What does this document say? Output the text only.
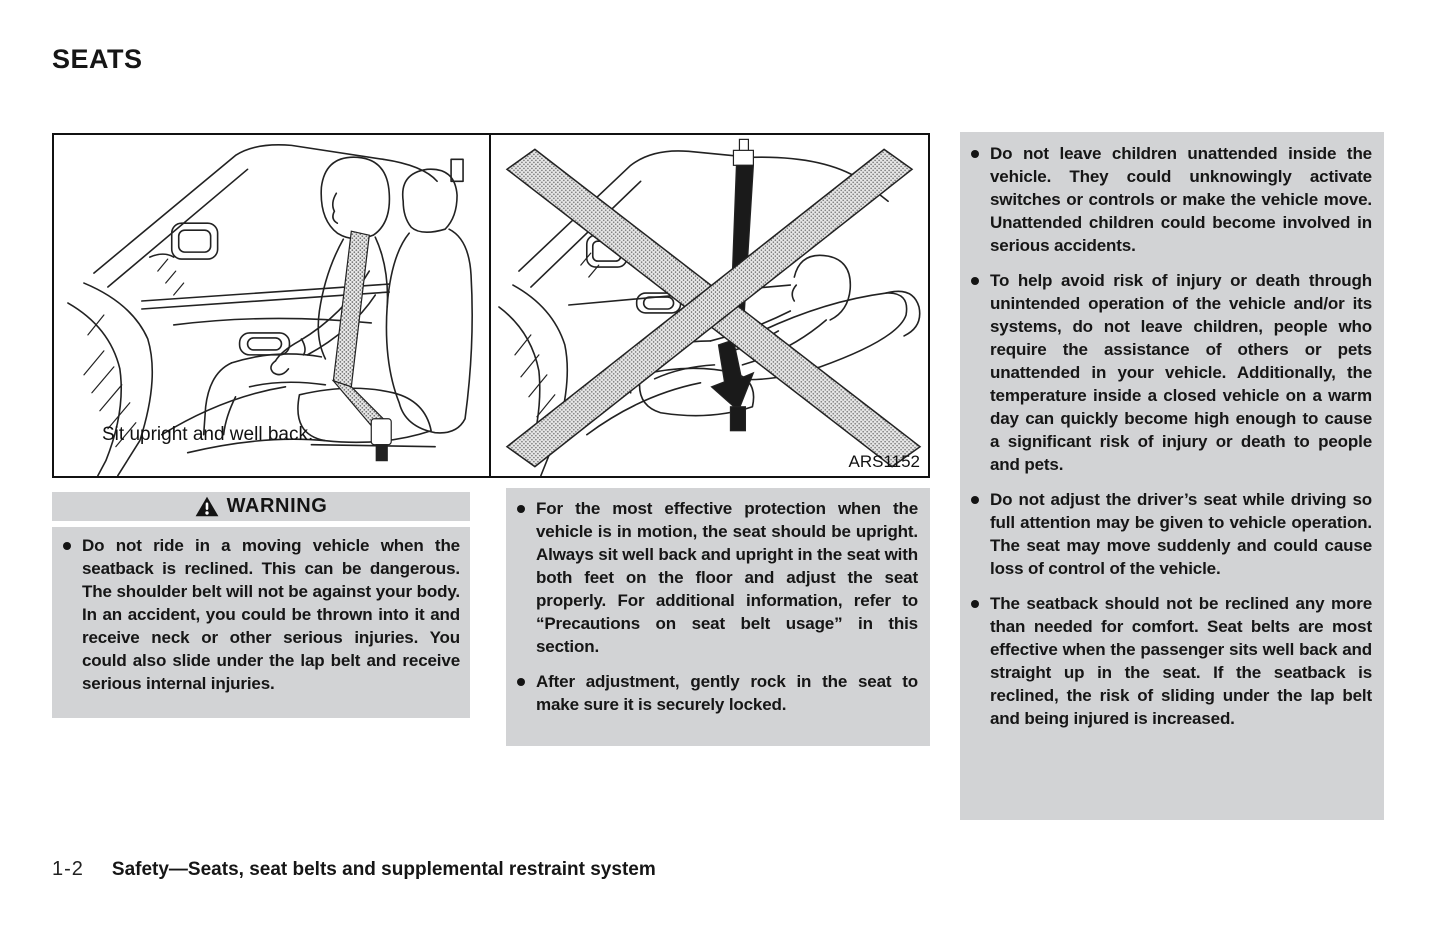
SEATS
Sit upright and well back.
ARS1152
WARNING

Do not ride in a moving vehicle when the seatback is reclined. This can be dangerous. The shoulder belt will not be against your body. In an accident, you could be thrown into it and receive neck or other serious injuries. You could also slide under the lap belt and receive serious internal injuries.

For the most effective protection when the vehicle is in motion, the seat should be upright. Always sit well back and upright in the seat with both feet on the floor and adjust the seat properly. For additional information, refer to “Precautions on seat belt usage” in this section.

After adjustment, gently rock in the seat to make sure it is securely locked.

Do not leave children unattended inside the vehicle. They could unknowingly activate switches or controls or make the vehicle move. Unattended children could become involved in serious accidents.

To help avoid risk of injury or death through unintended operation of the vehicle and/or its systems, do not leave children, people who require the assistance of others or pets unattended in your vehicle. Additionally, the temperature inside a closed vehicle on a warm day can quickly become high enough to cause a significant risk of injury or death to people and pets.

Do not adjust the driver’s seat while driving so full attention may be given to vehicle operation. The seat may move suddenly and could cause loss of control of the vehicle.

The seatback should not be reclined any more than needed for comfort. Seat belts are most effective when the passenger sits well back and straight up in the seat. If the seatback is reclined, the risk of sliding under the lap belt and being injured is increased.

1-2 Safety—Seats, seat belts and supplemental restraint system
